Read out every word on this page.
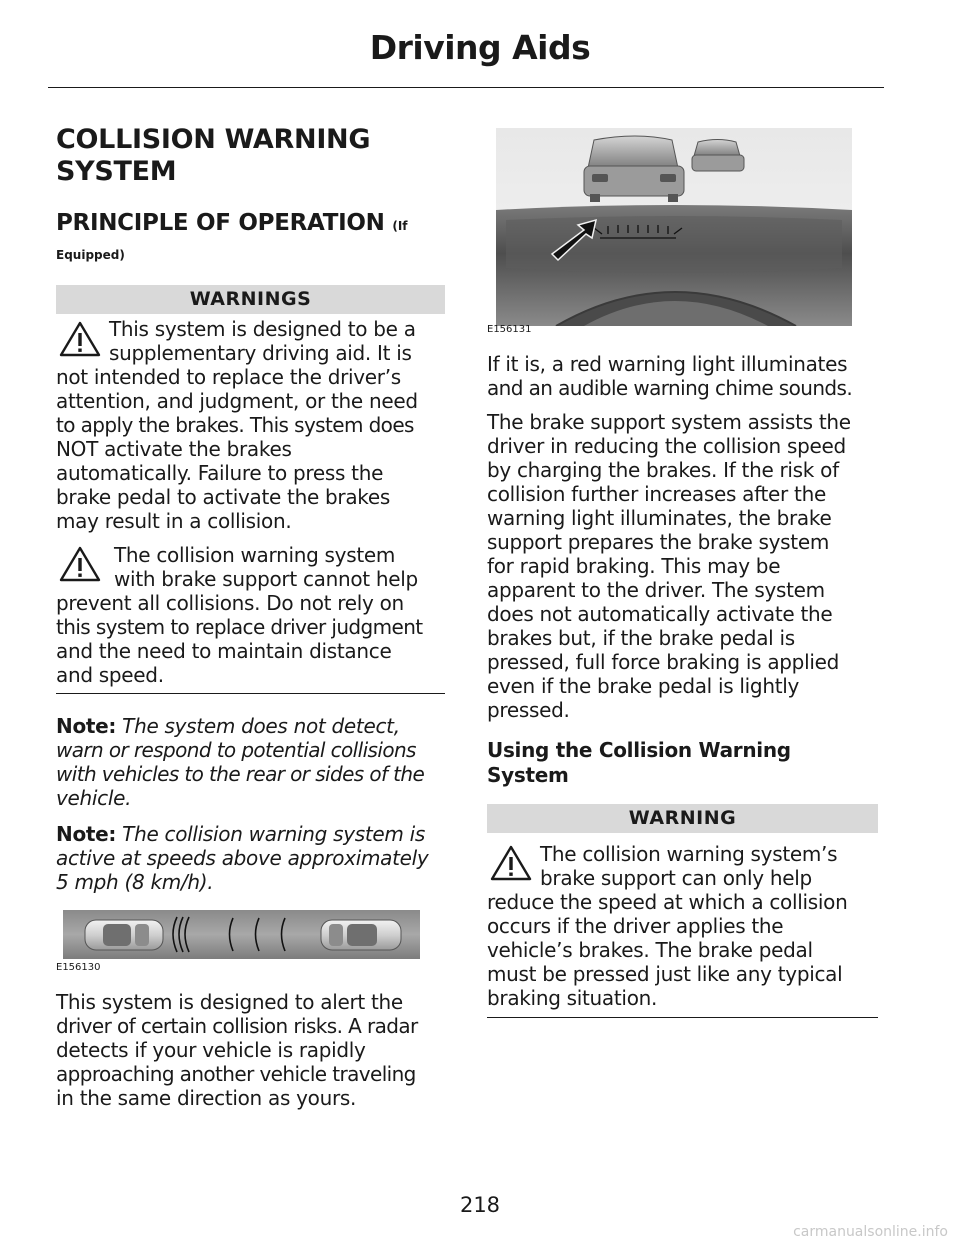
Driving Aids
COLLISION WARNING
SYSTEM
PRINCIPLE OF OPERATION (If
Equipped)
WARNINGS
This system is designed to be a
supplementary driving aid. It is
not intended to replace the driver’s
attention, and judgment, or the need
to apply the brakes. This system does
NOT activate the brakes
automatically. Failure to press the
brake pedal to activate the brakes
may result in a collision.
The collision warning system
with brake support cannot help
prevent all collisions. Do not rely on
this system to replace driver judgment
and the need to maintain distance
and speed.
Note: The system does not detect,
warn or respond to potential collisions
with vehicles to the rear or sides of the
vehicle.
Note: The collision warning system is
active at speeds above approximately
5 mph (8 km/h).
E156130
This system is designed to alert the
driver of certain collision risks. A radar
detects if your vehicle is rapidly
approaching another vehicle traveling
in the same direction as yours.
E156131
If it is, a red warning light illuminates
and an audible warning chime sounds.
The brake support system assists the
driver in reducing the collision speed
by charging the brakes. If the risk of
collision further increases after the
warning light illuminates, the brake
support prepares the brake system
for rapid braking. This may be
apparent to the driver. The system
does not automatically activate the
brakes but, if the brake pedal is
pressed, full force braking is applied
even if the brake pedal is lightly
pressed.
Using the Collision Warning
System
WARNING
The collision warning system’s
brake support can only help
reduce the speed at which a collision
occurs if the driver applies the
vehicle’s brakes. The brake pedal
must be pressed just like any typical
braking situation.
218
carmanualsonline.info
